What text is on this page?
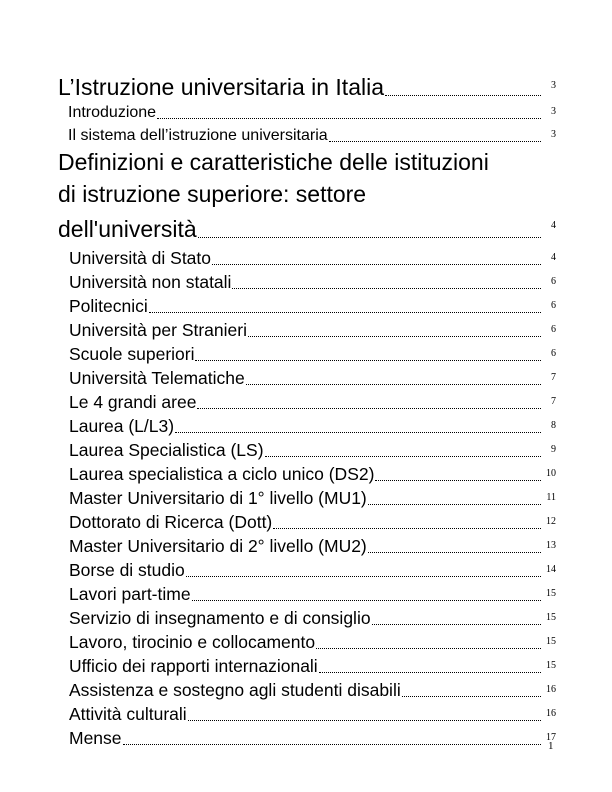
L’Istruzione universitaria in Italia	3
Introduzione	3
Il sistema dell’istruzione universitaria	3
Definizioni e caratteristiche delle istituzioni
di istruzione superiore: settore
dell'università	4
Università di Stato	4
Università non statali	6
Politecnici	6
Università per Stranieri	6
Scuole superiori	6
Università Telematiche	7
Le 4 grandi aree	7
Laurea (L/L3)	8
Laurea Specialistica (LS)	9
Laurea specialistica a ciclo unico (DS2)	10
Master Universitario di 1° livello (MU1)	11
Dottorato di Ricerca (Dott)	12
Master Universitario di 2° livello (MU2)	13
Borse di studio	14
Lavori part-time	15
Servizio di insegnamento e di consiglio	15
Lavoro, tirocinio e collocamento	15
Ufficio dei rapporti internazionali	15
Assistenza e sostegno agli studenti disabili	16
Attività culturali	16
Mense	17
1
